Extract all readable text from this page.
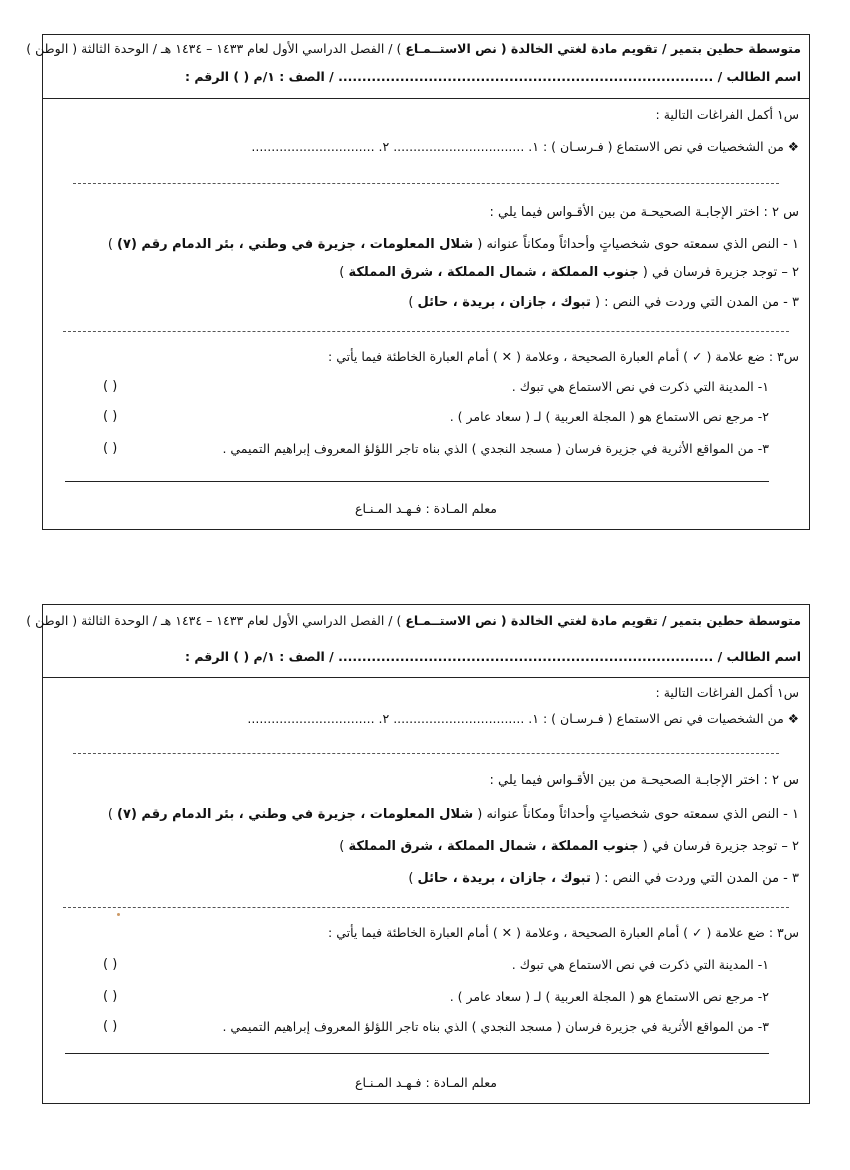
متوسطة حطين بتمير / تقويم مادة لغتي الخالدة ( نص الاستــمـاع ) / الفصل الدراسي الأول لعام ١٤٣٣ – ١٤٣٤ هـ / الوحدة الثالثة ( الوطن )
اسم الطالب / ............................................................................... / الصف : ١/م ( ) الرقم :
س١ أكمل الفراغات التالية :
❖ من الشخصيات في نص الاستماع ( فـرسـان ) : ١. ................................. ٢. ...............................
س ٢ : اختر الإجابـة الصحيحـة من بين الأقـواس فيما يلي :
١ - النص الذي سمعته حوى شخصياتٍ وأحداثاً ومكاناً عنوانه ( شلال المعلومات ، جزيرة في وطني ، بئر الدمام رقم (٧) )
٢ – توجد جزيرة فرسان في ( جنوب المملكة ، شمال المملكة ، شرق المملكة )
٣ - من المدن التي وردت في النص : ( تبوك ، جازان ، بريدة ، حائل )
س٣ : ضع علامة ( ✓ ) أمام العبارة الصحيحة ، وعلامة ( ✕ ) أمام العبارة الخاطئة فيما يأتي :
١- المدينة التي ذكرت في نص الاستماع هي تبوك .
( )
٢- مرجع نص الاستماع هو ( المجلة العربية ) لـ ( سعاد عامر ) .
( )
٣- من المواقع الأثرية في جزيرة فرسان ( مسجد النجدي ) الذي بناه تاجر اللؤلؤ المعروف إبراهيم التميمي .
( )
معلم المـادة : فـهـد المـنـاع
متوسطة حطين بتمير / تقويم مادة لغتي الخالدة ( نص الاستــمـاع ) / الفصل الدراسي الأول لعام ١٤٣٣ – ١٤٣٤ هـ / الوحدة الثالثة ( الوطن )
اسم الطالب / ............................................................................... / الصف : ١/م ( ) الرقم :
س١ أكمل الفراغات التالية :
❖ من الشخصيات في نص الاستماع ( فـرسـان ) : ١. ................................. ٢. ................................
س ٢ : اختر الإجابـة الصحيحـة من بين الأقـواس فيما يلي :
١ - النص الذي سمعته حوى شخصياتٍ وأحداثاً ومكاناً عنوانه ( شلال المعلومات ، جزيرة في وطني ، بئر الدمام رقم (٧) )
٢ – توجد جزيرة فرسان في ( جنوب المملكة ، شمال المملكة ، شرق المملكة )
٣ - من المدن التي وردت في النص : ( تبوك ، جازان ، بريدة ، حائل )
س٣ : ضع علامة ( ✓ ) أمام العبارة الصحيحة ، وعلامة ( ✕ ) أمام العبارة الخاطئة فيما يأتي :
١- المدينة التي ذكرت في نص الاستماع هي تبوك .
( )
٢- مرجع نص الاستماع هو ( المجلة العربية ) لـ ( سعاد عامر ) .
( )
٣- من المواقع الأثرية في جزيرة فرسان ( مسجد النجدي ) الذي بناه تاجر اللؤلؤ المعروف إبراهيم التميمي .
( )
معلم المـادة : فـهـد المـنـاع
